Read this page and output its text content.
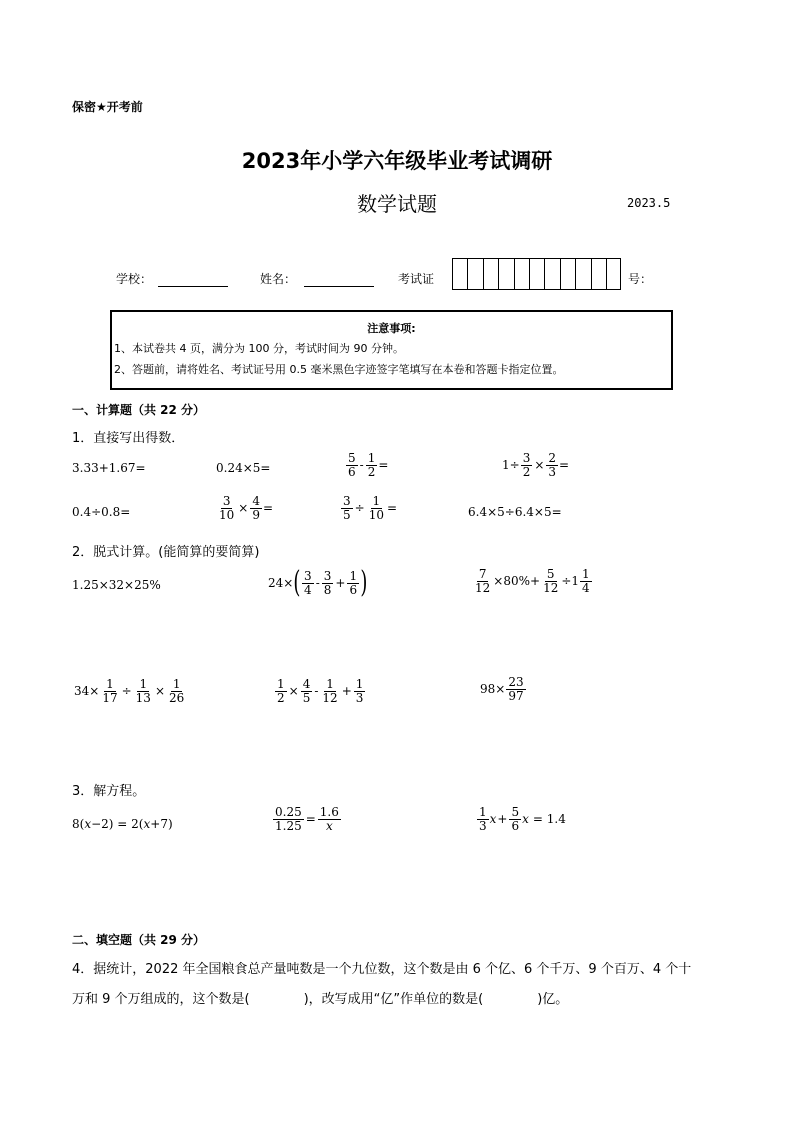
保密★开考前
2023年小学六年级毕业考试调研
数学试题	2023.5
学校：	姓名：	考试证	号：
注意事项:
1、本试卷共 4 页，满分为 100 分，考试时间为 90 分钟。
2、答题前，请将姓名、考试证号用 0.5 毫米黑色字迹签字笔填写在本卷和答题卡指定位置。
一、计算题（共 22 分）
1．直接写出得数．
3.33+1.67=	0.24×5=	$\frac{5}{6} - \frac{1}{2}$ =	$1\div \frac{3}{2} \times \frac{2}{3}$ =
0.4÷0.8=	$\frac{3}{10} \times \frac{4}{9}$ =	$\frac{3}{5} \div \frac{1}{10}$ =	6.4×5÷6.4×5=
2．脱式计算。(能简算的要简算)
1.25×32×25%	24× ( $\frac{3}{4} - \frac{3}{8} + \frac{1}{6}$ )	$\frac{7}{12} \times 80\%+ \frac{5}{12} \div 1 \frac{1}{4}$
$34\times \frac{1}{17} \div \frac{1}{13} \times \frac{1}{26}$	$\frac{1}{2} \times \frac{4}{5} - \frac{1}{12} + \frac{1}{3}$	$98\times \frac{23}{97}$
3．解方程。
8( x −2) = 2( x +7)	$\frac{0.25}{1.25} = \frac{1.6}{x}$	$\frac{1}{3}$ $x + \frac{5}{6}$ x = 1.4
二、填空题（共 29 分）
4．据统计，2022 年全国粮食总产量吨数是一个九位数，这个数是由 6 个亿、6 个千万、9 个百万、4 个十
万和 9 个万组成的，这个数是(	)，改写成用“亿”作单位的数是(	)亿。
